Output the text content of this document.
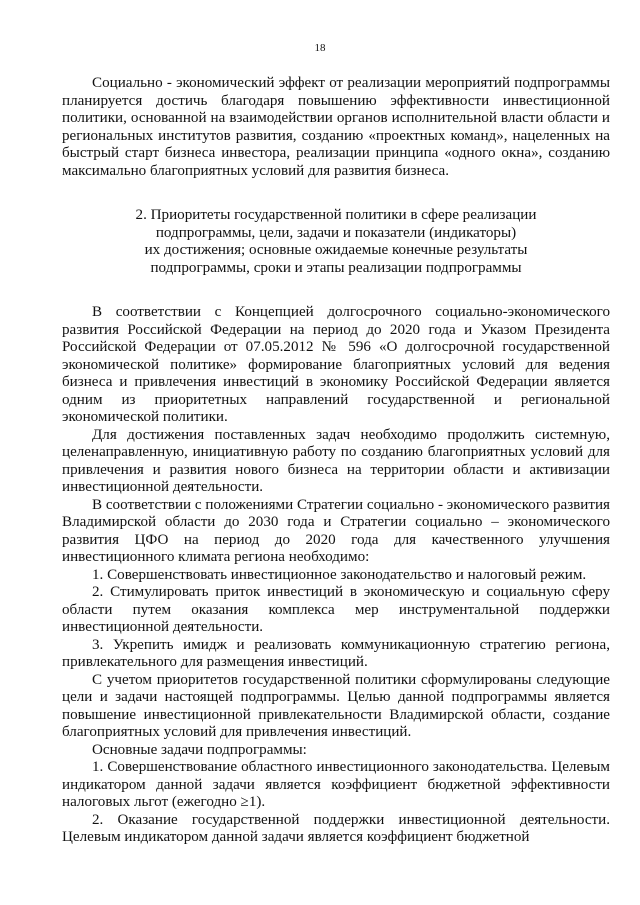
18

Социально - экономический эффект от реализации мероприятий подпрограммы планируется достичь благодаря повышению эффективности инвестиционной политики, основанной на взаимодействии органов исполнительной власти области и региональных институтов развития, созданию «проектных команд», нацеленных на быстрый старт бизнеса инвестора, реализации принципа «одного окна», созданию максимально благоприятных условий для развития бизнеса.

2. Приоритеты государственной политики в сфере реализации
подпрограммы, цели, задачи и показатели (индикаторы)
их достижения; основные ожидаемые конечные результаты
подпрограммы, сроки и этапы реализации подпрограммы

В соответствии с Концепцией долгосрочного социально-экономического развития Российской Федерации на период до 2020 года и Указом Президента Российской Федерации от 07.05.2012 № 596 «О долгосрочной государственной экономической политике» формирование благоприятных условий для ведения бизнеса и привлечения инвестиций в экономику Российской Федерации является одним из приоритетных направлений государственной и региональной экономической политики.

Для достижения поставленных задач необходимо продолжить системную, целенаправленную, инициативную работу по созданию благоприятных условий для привлечения и развития нового бизнеса на территории области и активизации инвестиционной деятельности.

В соответствии с положениями Стратегии социально - экономического развития Владимирской области до 2030 года и Стратегии социально – экономического развития ЦФО на период до 2020 года для качественного улучшения инвестиционного климата региона необходимо:

1. Совершенствовать инвестиционное законодательство и налоговый режим.

2. Стимулировать приток инвестиций в экономическую и социальную сферу области путем оказания комплекса мер инструментальной поддержки инвестиционной деятельности.

3. Укрепить имидж и реализовать коммуникационную стратегию региона, привлекательного для размещения инвестиций.

С учетом приоритетов государственной политики сформулированы следующие цели и задачи настоящей подпрограммы. Целью данной подпрограммы является повышение инвестиционной привлекательности Владимирской области, создание благоприятных условий для привлечения инвестиций.

Основные задачи подпрограммы:

1. Совершенствование областного инвестиционного законодательства. Целевым индикатором данной задачи является коэффициент бюджетной эффективности налоговых льгот (ежегодно ≥1).

2. Оказание государственной поддержки инвестиционной деятельности. Целевым индикатором данной задачи является коэффициент бюджетной
